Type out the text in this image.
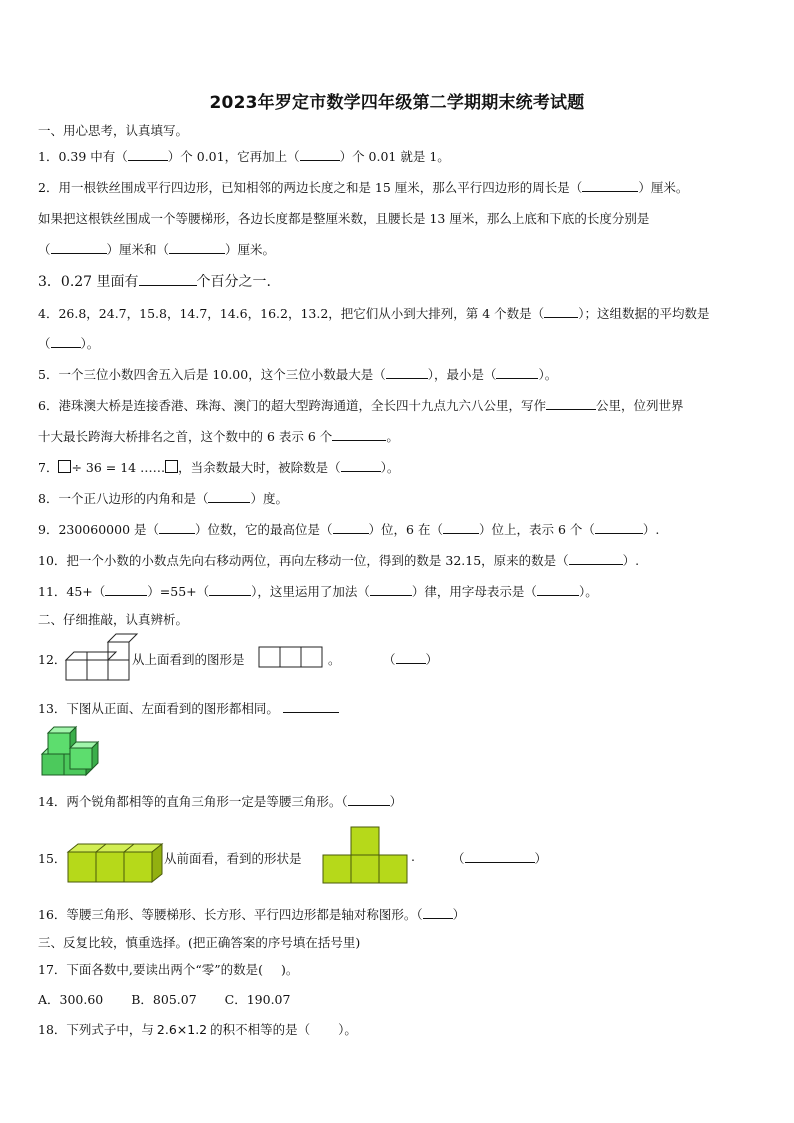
2023年罗定市数学四年级第二学期期末统考试题
一、用心思考，认真填写。
1．0.39 中有（	）个 0.01，它再加上（	）个 0.01 就是 1。
2．用一根铁丝围成平行四边形，已知相邻的两边长度之和是 15 厘米，那么平行四边形的周长是（	）厘米。
如果把这根铁丝围成一个等腰梯形，各边长度都是整厘米数，且腰长是 13 厘米，那么上底和下底的长度分别是
（	）厘米和（	）厘米。
3．0.27 里面有	个百分之一.
4．26.8，24.7，15.8，14.7，14.6，16.2，13.2，把它们从小到大排列，第 4 个数是（	）；这组数据的平均数是
（ ）。
5．一个三位小数四舍五入后是 10.00，这个三位小数最大是（	），最小是（	）。
6．港珠澳大桥是连接香港、珠海、澳门的超大型跨海通道，全长四十九点九六八公里，写作	公里，位列世界
十大最长跨海大桥排名之首，这个数中的 6 表示 6 个	。
7． ÷ 36 = 14 …… ，当余数最大时，被除数是（	）。
8．一个正八边形的内角和是（	）度。
9．230060000 是（	）位数，它的最高位是（	）位，6 在（	）位上，表示 6 个（	）.
10．把一个小数的小数点先向右移动两位，再向左移动一位，得到的数是 32.15，原来的数是（	）.
11．45+（	）=55+（	），这里运用了加法（	）律，用字母表示是（	）。
二、仔细推敲，认真辨析。
12．	从上面看到的图形是	。	（ ）
13．下图从正面、左面看到的图形都相同。
14．两个锐角都相等的直角三角形一定是等腰三角形。（	）
15．	从前面看，看到的形状是	.	（	）
16．等腰三角形、等腰梯形、长方形、平行四边形都是轴对称图形。（ ）
三、反复比较，慎重选择。(把正确答案的序号填在括号里)
17．下面各数中,要读出两个“零”的数是( )。
A．300.60 B．805.07 C．190.07
18．下列式子中，与 2.6×1.2 的积不相等的是（ ）。
